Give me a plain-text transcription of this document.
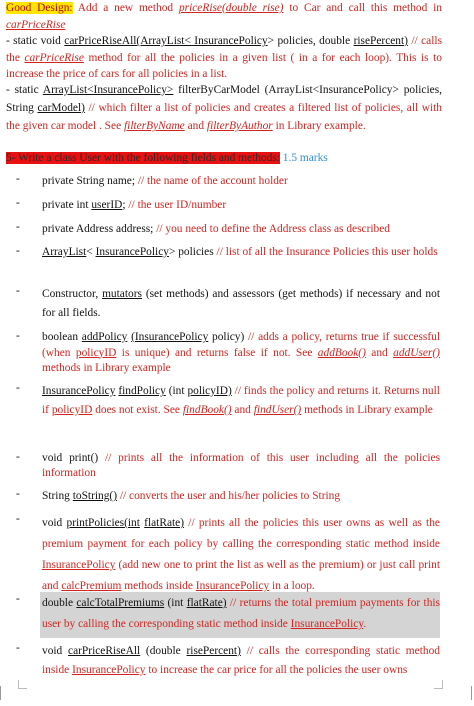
Good Design: Add a new method priceRise(double rise) to Car and call this method in carPriceRise
- static void carPriceRiseAll(ArrayList< InsurancePolicy> policies, double risePercent) // calls the carPriceRise method for all the policies in a given list ( in a for each loop). This is to increase the price of cars for all policies in a list.
- static ArrayList<InsurancePolicy> filterByCarModel (ArrayList<InsurancePolicy> policies, String carModel) // which filter a list of policies and creates a filtered list of policies, all with the given car model . See filterByName and filterByAuthor in Library example.
5- Write a class User with the following fields and methods: 1.5 marks
-	private String name; // the name of the account holder
-	private int userID; // the user ID/number
-	private Address address; // you need to define the Address class as described
-	ArrayList< InsurancePolicy> policies // list of all the Insurance Policies this user holds
-	Constructor, mutators (set methods) and assessors (get methods) if necessary and not for all fields.
-	boolean addPolicy (InsurancePolicy policy) // adds a policy, returns true if successful (when policyID is unique) and returns false if not. See addBook() and addUser() methods in Library example
-	InsurancePolicy findPolicy (int policyID) // finds the policy and returns it. Returns null if policyID does not exist. See findBook() and findUser() methods in Library example
-	void print() // prints all the information of this user including all the policies information
-	String toString() // converts the user and his/her policies to String
-	void printPolicies(int flatRate) // prints all the policies this user owns as well as the premium payment for each policy by calling the corresponding static method inside InsurancePolicy (add new one to print the list as well as the premium) or just call print and calcPremium methods inside InsurancePolicy in a loop.
-	double calcTotalPremiums (int flatRate) // returns the total premium payments for this user by calling the corresponding static method inside InsurancePolicy.
-	void carPriceRiseAll (double risePercent) // calls the corresponding static method inside InsurancePolicy to increase the car price for all the policies the user owns
